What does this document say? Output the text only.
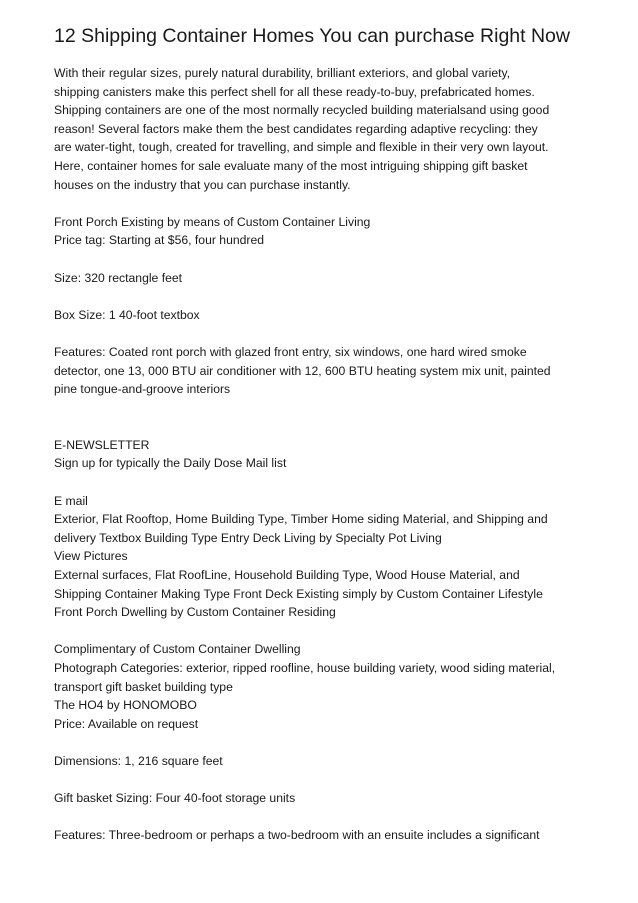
12 Shipping Container Homes You can purchase Right Now

With their regular sizes, purely natural durability, brilliant exteriors, and global variety,
shipping canisters make this perfect shell for all these ready-to-buy, prefabricated homes.
Shipping containers are one of the most normally recycled building materialsand using good
reason! Several factors make them the best candidates regarding adaptive recycling: they
are water-tight, tough, created for travelling, and simple and flexible in their very own layout.
Here, container homes for sale evaluate many of the most intriguing shipping gift basket
houses on the industry that you can purchase instantly.

Front Porch Existing by means of Custom Container Living
Price tag: Starting at $56, four hundred

Size: 320 rectangle feet

Box Size: 1 40-foot textbox

Features: Coated ront porch with glazed front entry, six windows, one hard wired smoke
detector, one 13, 000 BTU air conditioner with 12, 600 BTU heating system mix unit, painted
pine tongue-and-groove interiors

E-NEWSLETTER
Sign up for typically the Daily Dose Mail list

E mail
Exterior, Flat Rooftop, Home Building Type, Timber Home siding Material, and Shipping and
delivery Textbox Building Type Entry Deck Living by Specialty Pot Living
View Pictures
External surfaces, Flat RoofLine, Household Building Type, Wood House Material, and
Shipping Container Making Type Front Deck Existing simply by Custom Container Lifestyle
Front Porch Dwelling by Custom Container Residing

Complimentary of Custom Container Dwelling
Photograph Categories: exterior, ripped roofline, house building variety, wood siding material,
transport gift basket building type
The HO4 by HONOMOBO
Price: Available on request

Dimensions: 1, 216 square feet

Gift basket Sizing: Four 40-foot storage units

Features: Three-bedroom or perhaps a two-bedroom with an ensuite includes a significant
